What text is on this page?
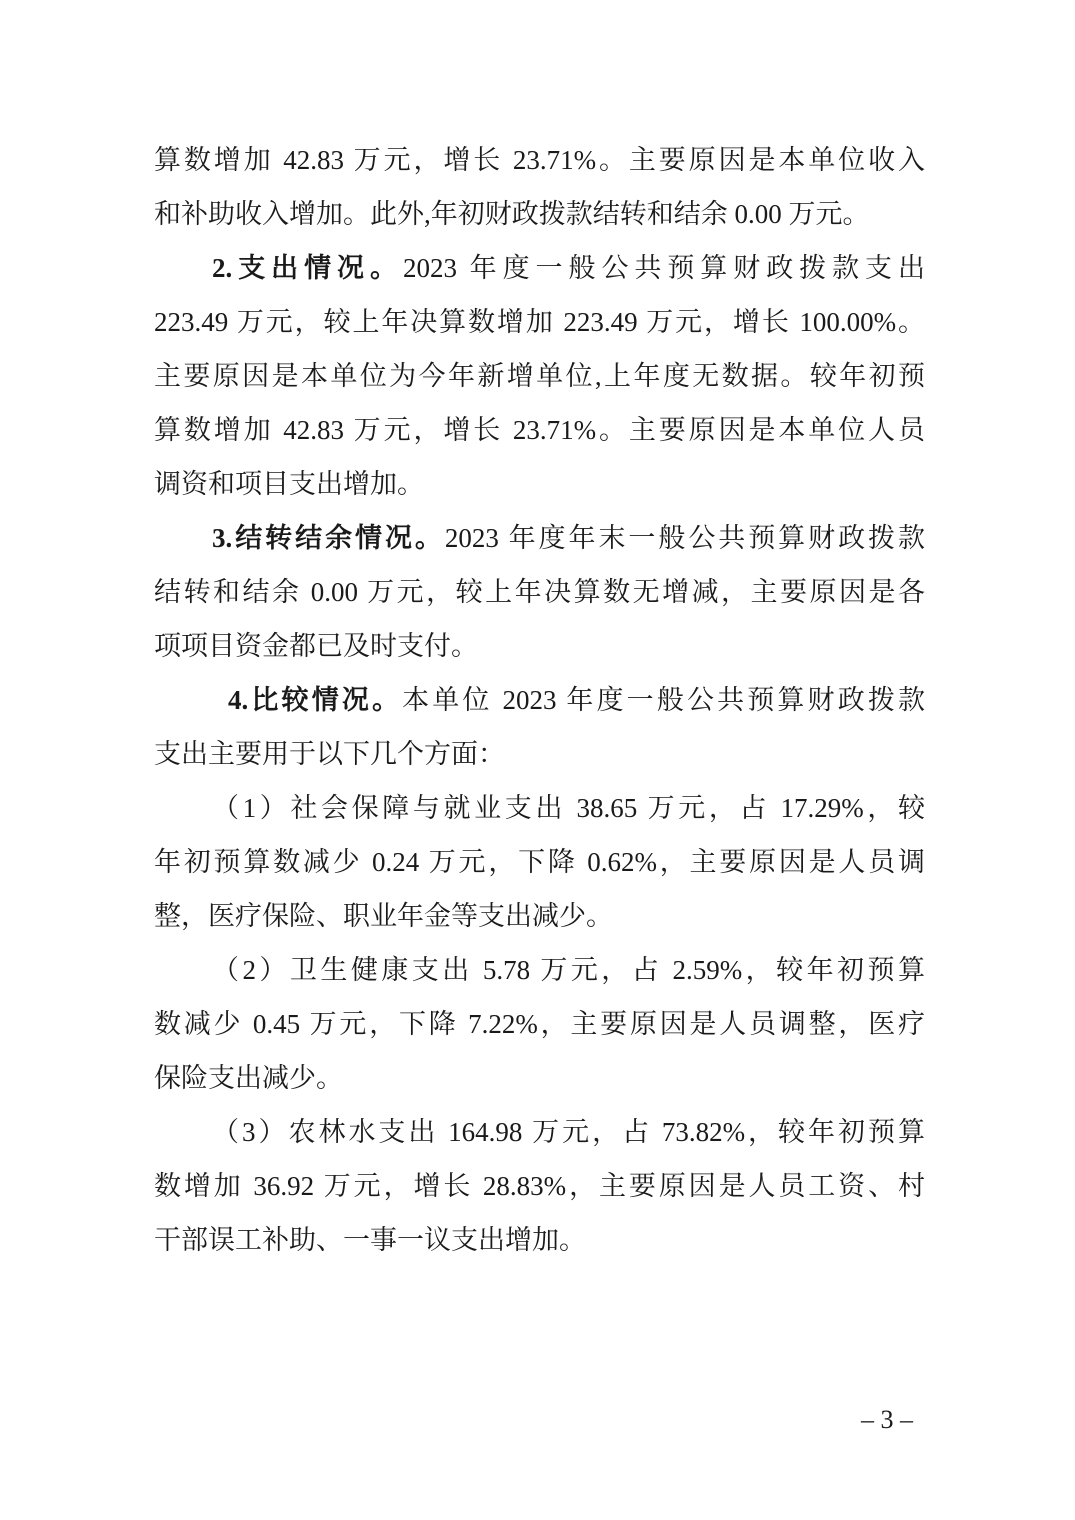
算数增加 42.83 万元，增长 23.71%。主要原因是本单位收入
和补助收入增加。此外,年初财政拨款结转和结余 0.00 万元。
2.支出情况。2023 年度一般公共预算财政拨款支出
223.49 万元，较上年决算数增加 223.49 万元，增长 100.00%。
主要原因是本单位为今年新增单位,上年度无数据。较年初预
算数增加 42.83 万元，增长 23.71%。主要原因是本单位人员
调资和项目支出增加。
3.结转结余情况。2023 年度年末一般公共预算财政拨款
结转和结余 0.00 万元，较上年决算数无增减，主要原因是各
项项目资金都已及时支付。
4.比较情况。本单位 2023 年度一般公共预算财政拨款
支出主要用于以下几个方面：
（1）社会保障与就业支出 38.65 万元，占 17.29%，较
年初预算数减少 0.24 万元，下降 0.62%，主要原因是人员调
整，医疗保险、职业年金等支出减少。
（2）卫生健康支出 5.78 万元，占 2.59%，较年初预算
数减少 0.45 万元，下降 7.22%，主要原因是人员调整，医疗
保险支出减少。
（3）农林水支出 164.98 万元，占 73.82%，较年初预算
数增加 36.92 万元，增长 28.83%，主要原因是人员工资、村
干部误工补助、一事一议支出增加。
– 3 –
